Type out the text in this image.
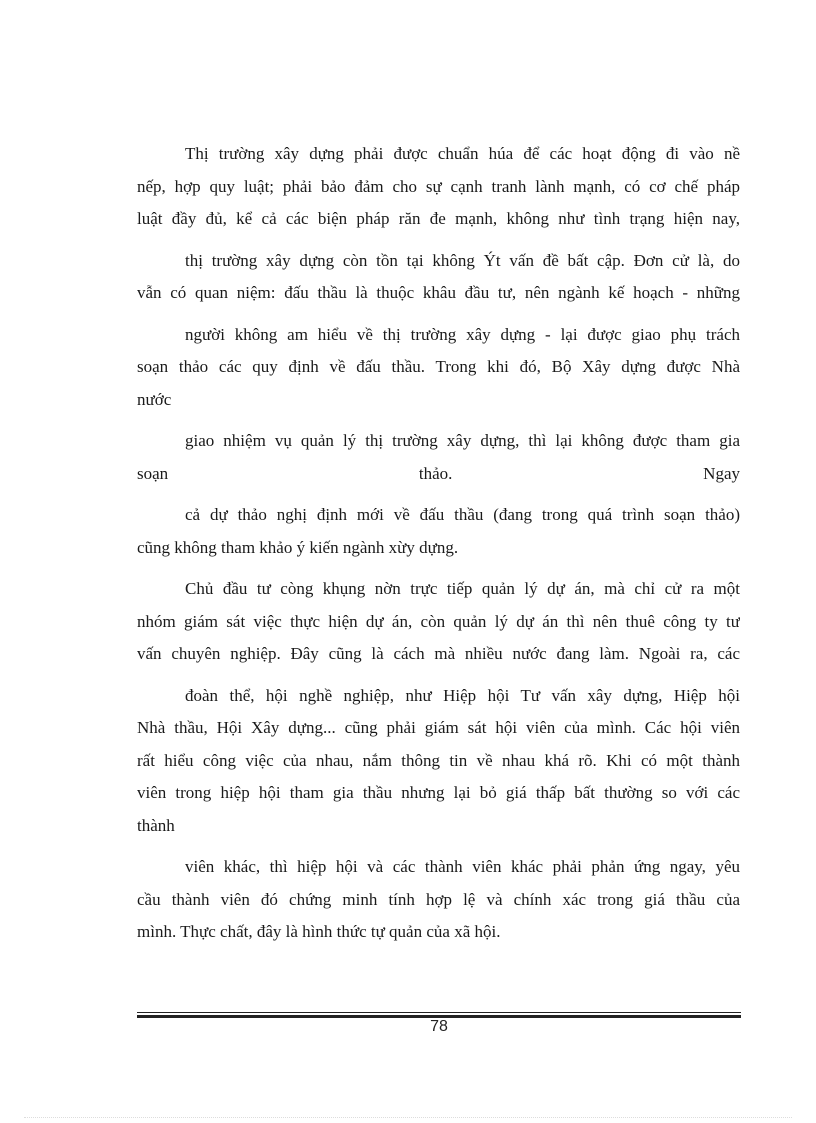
Thị trường xây dựng phải được chuẩn húa để các hoạt động đi vào nề
nếp, hợp quy luật; phải bảo đảm cho sự cạnh tranh lành mạnh, có cơ chế pháp
luật đầy đủ, kể cả các biện pháp răn đe mạnh, không như tình trạng hiện nay,
thị trường xây dựng còn tồn tại không Ýt vấn đề bất cập. Đơn cử là, do
vẫn có quan niệm: đấu thầu là thuộc khâu đầu tư, nên ngành kế hoạch - những
người không am hiểu về thị trường xây dựng - lại được giao phụ trách
soạn thảo các quy định về đấu thầu. Trong khi đó, Bộ Xây dựng được Nhà
nước
giao nhiệm vụ quản lý thị trường xây dựng, thì lại không được tham gia
soạn	thảo.	Ngay
cả dự thảo nghị định mới về đấu thầu (đang trong quá trình soạn thảo)
cũng không tham khảo ý kiến ngành xừy dựng.
Chủ đầu tư còng khụng nờn trực tiếp quản lý dự án, mà chỉ cử ra một
nhóm giám sát việc thực hiện dự án, còn quản lý dự án thì nên thuê công ty tư
vấn chuyên nghiệp. Đây cũng là cách mà nhiều nước đang làm. Ngoài ra, các
đoàn thể, hội nghề nghiệp, như Hiệp hội Tư vấn xây dựng, Hiệp hội
Nhà thầu, Hội Xây dựng... cũng phải giám sát hội viên của mình. Các hội viên
rất hiểu công việc của nhau, nắm thông tin về nhau khá rõ. Khi có một thành
viên trong hiệp hội tham gia thầu nhưng lại bỏ giá thấp bất thường so với các
thành
viên khác, thì hiệp hội và các thành viên khác phải phản ứng ngay, yêu
cầu thành viên đó chứng minh tính hợp lệ và chính xác trong giá thầu của
mình. Thực chất, đây là hình thức tự quản của xã hội.
78
